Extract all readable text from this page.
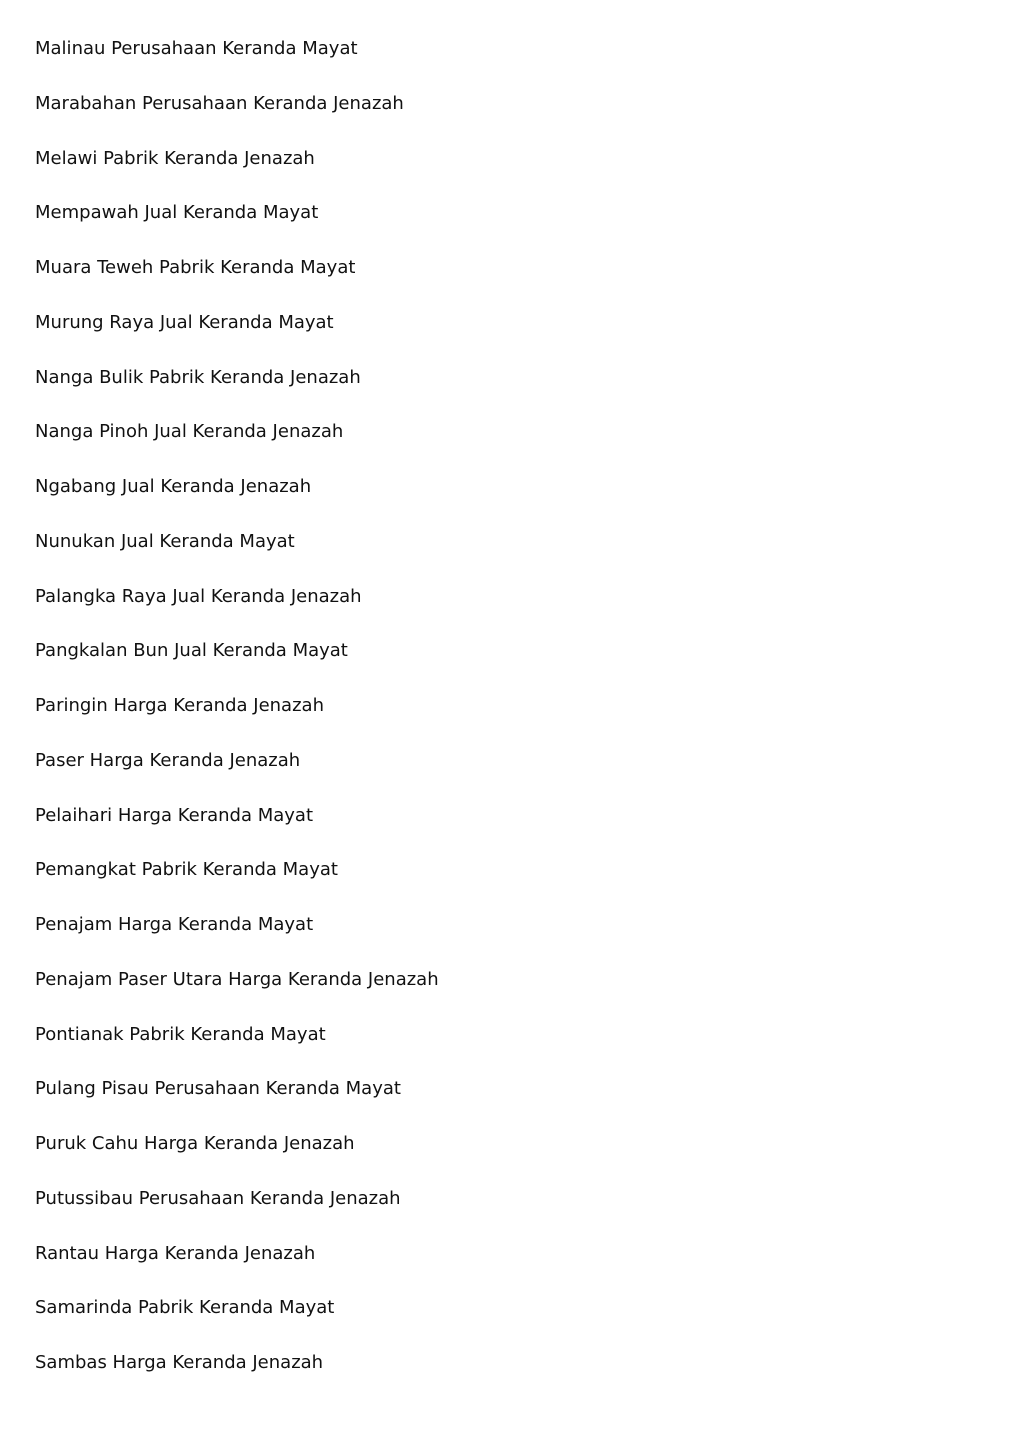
Malinau Perusahaan Keranda Mayat
Marabahan Perusahaan Keranda Jenazah
Melawi Pabrik Keranda Jenazah
Mempawah Jual Keranda Mayat
Muara Teweh Pabrik Keranda Mayat
Murung Raya Jual Keranda Mayat
Nanga Bulik Pabrik Keranda Jenazah
Nanga Pinoh Jual Keranda Jenazah
Ngabang Jual Keranda Jenazah
Nunukan Jual Keranda Mayat
Palangka Raya Jual Keranda Jenazah
Pangkalan Bun Jual Keranda Mayat
Paringin Harga Keranda Jenazah
Paser Harga Keranda Jenazah
Pelaihari Harga Keranda Mayat
Pemangkat Pabrik Keranda Mayat
Penajam Harga Keranda Mayat
Penajam Paser Utara Harga Keranda Jenazah
Pontianak Pabrik Keranda Mayat
Pulang Pisau Perusahaan Keranda Mayat
Puruk Cahu Harga Keranda Jenazah
Putussibau Perusahaan Keranda Jenazah
Rantau Harga Keranda Jenazah
Samarinda Pabrik Keranda Mayat
Sambas Harga Keranda Jenazah
